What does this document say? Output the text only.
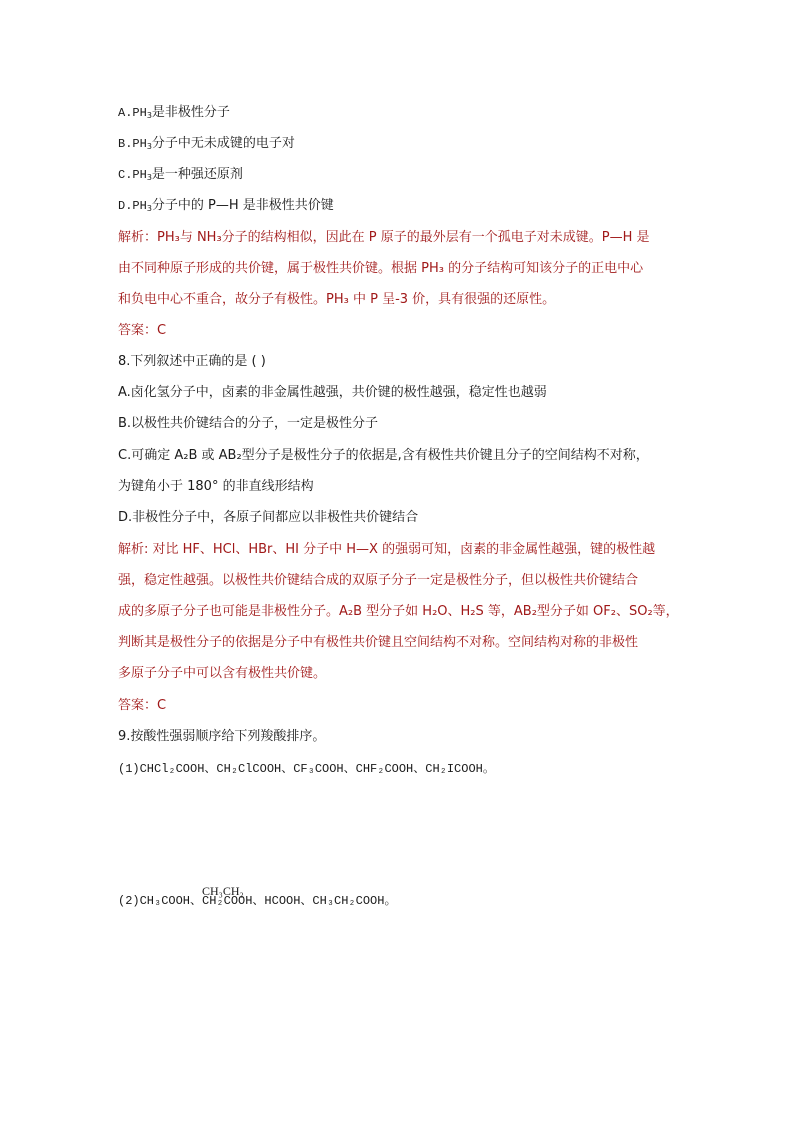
$A.PH_3$是非极性分子
$B.PH_3$分子中无未成键的电子对
$C.PH_3$是一种强还原剂
$D.PH_3$分子中的 P—H 是非极性共价键
解析：PH₃与 NH₃分子的结构相似，因此在 P 原子的最外层有一个孤电子对未成键。P—H 是
由不同种原子形成的共价键，属于极性共价键。根据 PH₃ 的分子结构可知该分子的正电中心
和负电中心不重合，故分子有极性。PH₃ 中 P 呈-3 价，具有很强的还原性。
答案：C
8.下列叙述中正确的是 ( )
A.卤化氢分子中，卤素的非金属性越强，共价键的极性越强，稳定性也越弱
B.以极性共价键结合的分子，一定是极性分子
C.可确定 A₂B 或 AB₂型分子是极性分子的依据是,含有极性共价键且分子的空间结构不对称，
为键角小于 180° 的非直线形结构
D.非极性分子中，各原子间都应以非极性共价键结合
解析: 对比 HF、HCl、HBr、HI 分子中 H—X 的强弱可知，卤素的非金属性越强，键的极性越
强，稳定性越强。以极性共价键结合成的双原子分子一定是极性分子，但以极性共价键结合
成的多原子分子也可能是非极性分子。A₂B 型分子如 H₂O、H₂S 等，AB₂型分子如 OF₂、SO₂等，
判断其是极性分子的依据是分子中有极性共价键且空间结构不对称。空间结构对称的非极性
多原子分子中可以含有极性共价键。
答案：C
9.按酸性强弱顺序给下列羧酸排序。
(1)CHCl₂COOH、CH₂ClCOOH、CF₃COOH、CHF₂COOH、CH₂ICOOH。
CH₃CH₂
(2)CH₃COOH、CH₂COOH、HCOOH、CH₃CH₂COOH。
